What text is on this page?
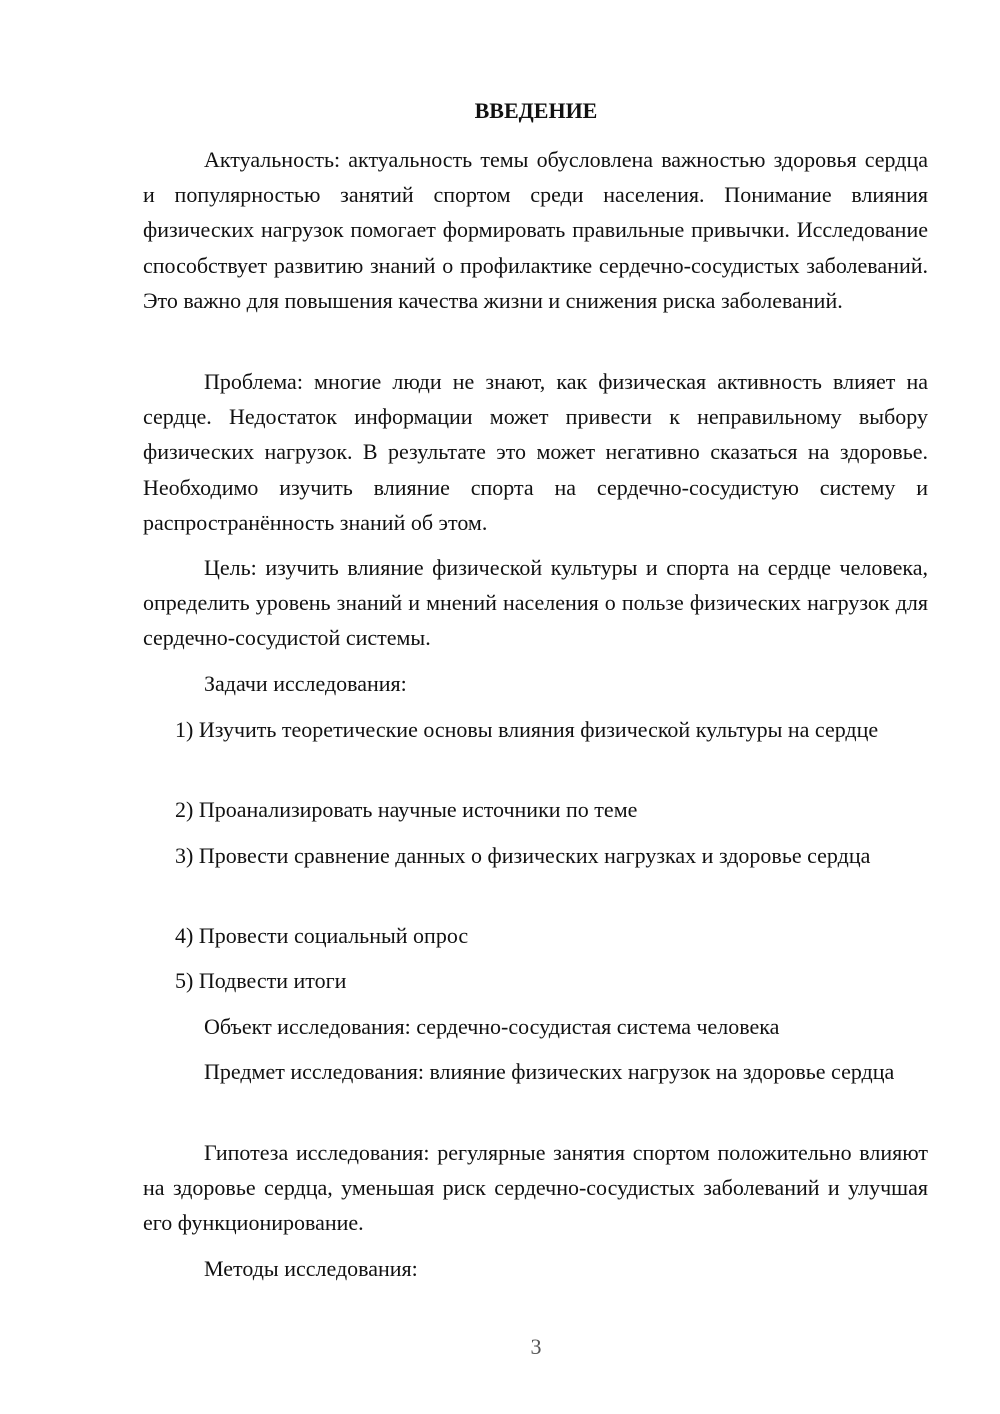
ВВЕДЕНИЕ

Актуальность: актуальность темы обусловлена важностью здоровья сердца и популярностью занятий спортом среди населения. Понимание влияния физических нагрузок помогает формировать правильные привычки. Исследование способствует развитию знаний о профилактике сердечно-сосудистых заболеваний. Это важно для повышения качества жизни и снижения риска заболеваний.

Проблема: многие люди не знают, как физическая активность влияет на сердце. Недостаток информации может привести к неправильному выбору физических нагрузок. В результате это может негативно сказаться на здоровье. Необходимо изучить влияние спорта на сердечно-сосудистую систему и распространённость знаний об этом.

Цель: изучить влияние физической культуры и спорта на сердце человека, определить уровень знаний и мнений населения о пользе физических нагрузок для сердечно-сосудистой системы.

Задачи исследования:

1) Изучить теоретические основы влияния физической культуры на сердце

2) Проанализировать научные источники по теме

3) Провести сравнение данных о физических нагрузках и здоровье сердца

4) Провести социальный опрос

5) Подвести итоги

Объект исследования: сердечно-сосудистая система человека

Предмет исследования: влияние физических нагрузок на здоровье сердца

Гипотеза исследования: регулярные занятия спортом положительно влияют на здоровье сердца, уменьшая риск сердечно-сосудистых заболеваний и улучшая его функционирование.

Методы исследования:

3
